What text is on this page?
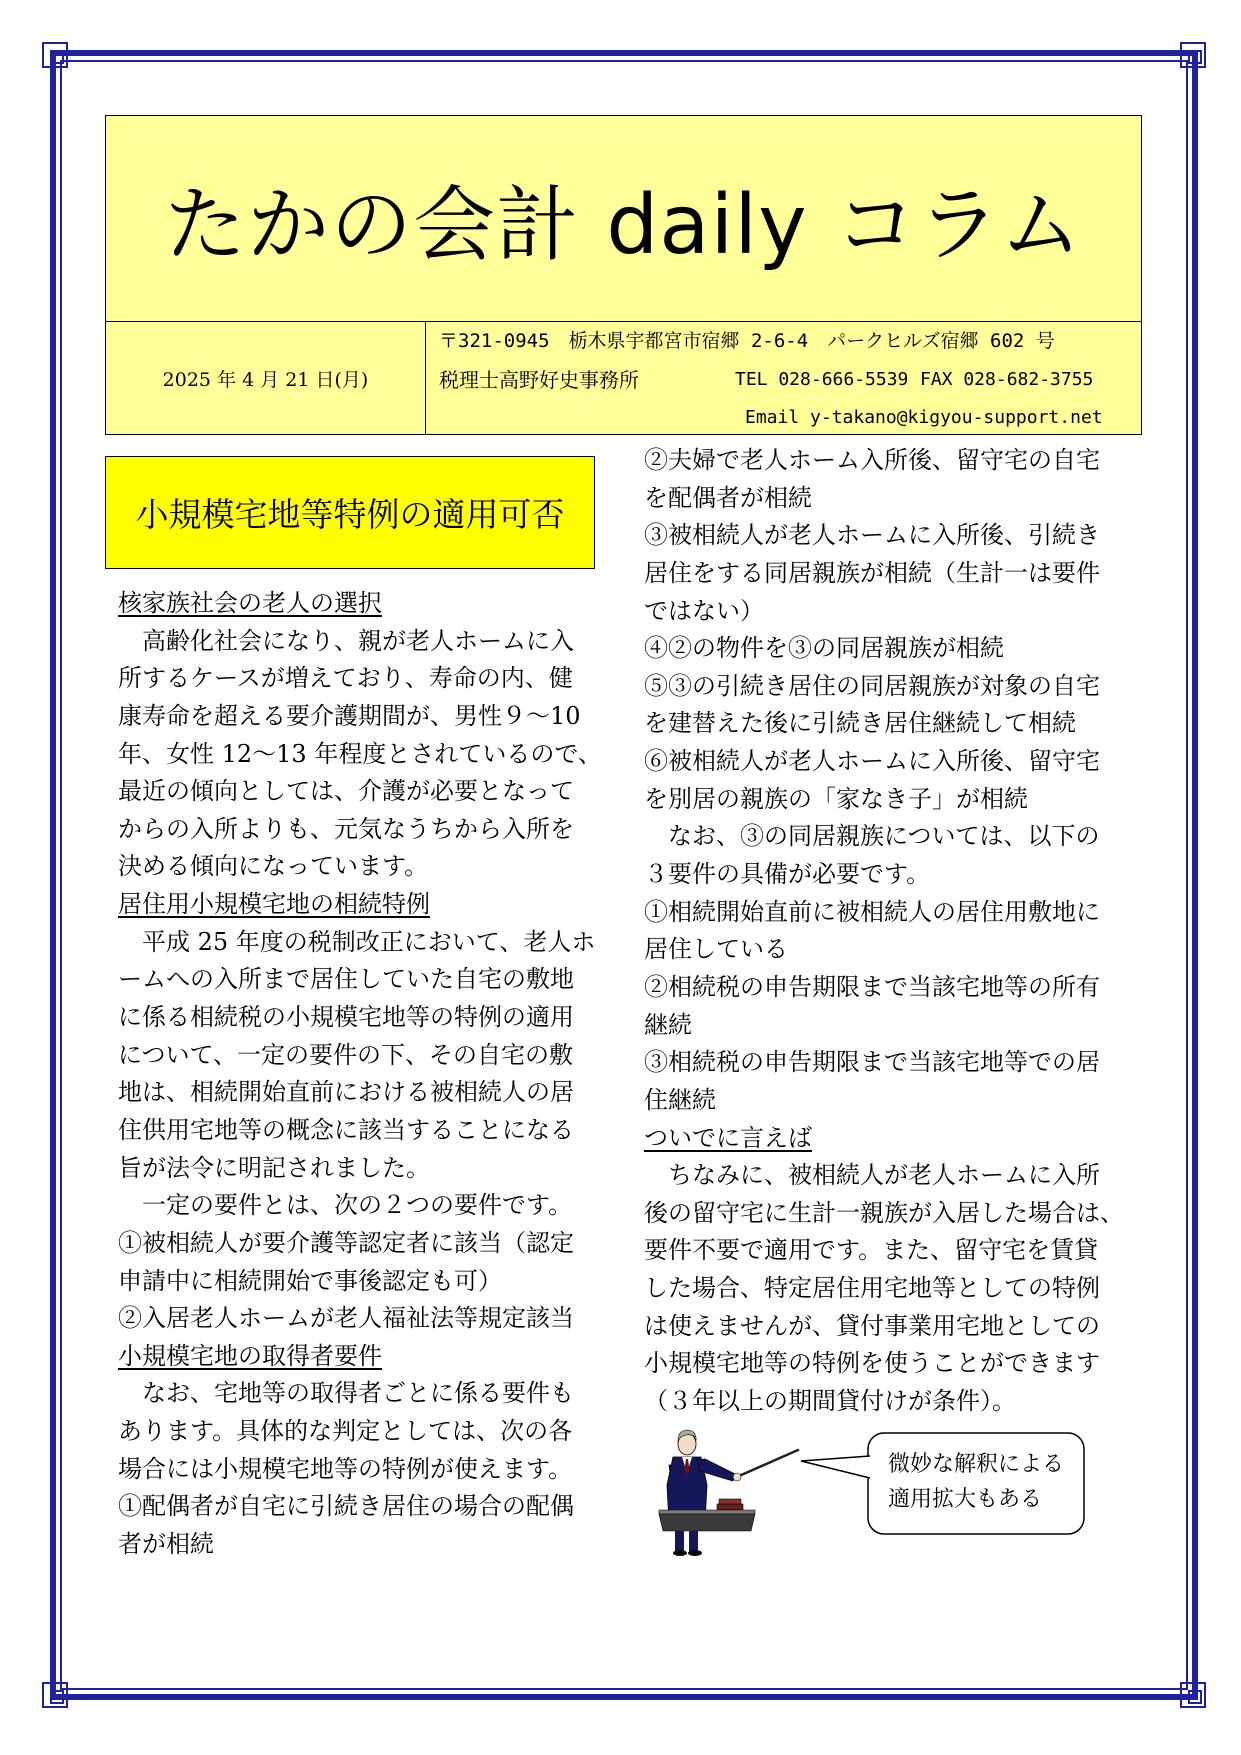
たかの会計 daily コラム
2025 年 4 月 21 日(月)
〒321-0945　栃木県宇都宮市宿郷 2-6-4　パークヒルズ宿郷 602 号
税理士高野好史事務所	TEL 028-666-5539 FAX 028-682-3755
Email y-takano@kigyou-support.net
小規模宅地等特例の適用可否
核家族社会の老人の選択
　高齢化社会になり、親が老人ホームに入
所するケースが増えており、寿命の内、健
康寿命を超える要介護期間が、男性９～10
年、女性 12～13 年程度とされているので、
最近の傾向としては、介護が必要となって
からの入所よりも、元気なうちから入所を
決める傾向になっています。
居住用小規模宅地の相続特例
　平成 25 年度の税制改正において、老人ホ
ームへの入所まで居住していた自宅の敷地
に係る相続税の小規模宅地等の特例の適用
について、一定の要件の下、その自宅の敷
地は、相続開始直前における被相続人の居
住供用宅地等の概念に該当することになる
旨が法令に明記されました。
　一定の要件とは、次の２つの要件です。
①被相続人が要介護等認定者に該当（認定
申請中に相続開始で事後認定も可）
②入居老人ホームが老人福祉法等規定該当
小規模宅地の取得者要件
　なお、宅地等の取得者ごとに係る要件も
あります。具体的な判定としては、次の各
場合には小規模宅地等の特例が使えます。
①配偶者が自宅に引続き居住の場合の配偶
者が相続
②夫婦で老人ホーム入所後、留守宅の自宅
を配偶者が相続
③被相続人が老人ホームに入所後、引続き
居住をする同居親族が相続（生計一は要件
ではない）
④②の物件を③の同居親族が相続
⑤③の引続き居住の同居親族が対象の自宅
を建替えた後に引続き居住継続して相続
⑥被相続人が老人ホームに入所後、留守宅
を別居の親族の「家なき子」が相続
　なお、③の同居親族については、以下の
３要件の具備が必要です。
①相続開始直前に被相続人の居住用敷地に
居住している
②相続税の申告期限まで当該宅地等の所有
継続
③相続税の申告期限まで当該宅地等での居
住継続
ついでに言えば
　ちなみに、被相続人が老人ホームに入所
後の留守宅に生計一親族が入居した場合は、
要件不要で適用です。また、留守宅を賃貸
した場合、特定居住用宅地等としての特例
は使えませんが、貸付事業用宅地としての
小規模宅地等の特例を使うことができます
（３年以上の期間貸付けが条件）。
微妙な解釈による
適用拡大もある
